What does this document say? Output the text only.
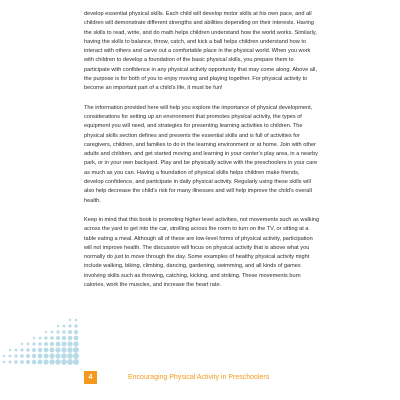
develop essential physical skills. Each child will develop motor skills at his own pace, and all children will demonstrate different strengths and abilities depending on their interests. Having the skills to read, write, and do math helps children understand how the world works. Similarly, having the skills to balance, throw, catch, and kick a ball helps children understand how to interact with others and carve out a comfortable place in the physical world. When you work with children to develop a foundation of the basic physical skills, you prepare them to participate with confidence in any physical activity opportunity that may come along. Above all, the purpose is for both of you to enjoy moving and playing together. For physical activity to become an important part of a child's life, it must be fun!

The information provided here will help you explore the importance of physical development, considerations for setting up an environment that promotes physical activity, the types of equipment you will need, and strategies for presenting learning activities to children. The physical skills section defines and presents the essential skills and is full of activities for caregivers, children, and families to do in the learning environment or at home. Join with other adults and children, and get started moving and learning in your center's play area, in a nearby park, or in your own backyard. Play and be physically active with the preschoolers in your care as much as you can. Having a foundation of physical skills helps children make friends, develop confidence, and participate in daily physical activity. Regularly using these skills will also help decrease the child's risk for many illnesses and will help improve the child's overall health.

Keep in mind that this book is promoting higher level activities, not movements such as walking across the yard to get into the car, strolling across the room to turn on the TV, or sitting at a table eating a meal. Although all of these are low-level forms of physical activity, participation will not improve health. The discussion will focus on physical activity that is above what you normally do just to move through the day. Some examples of healthy physical activity might include walking, biking, climbing, dancing, gardening, swimming, and all kinds of games involving skills such as throwing, catching, kicking, and striking. These movements burn calories, work the muscles, and increase the heart rate.

4	Encouraging Physical Activity in Preschoolers
